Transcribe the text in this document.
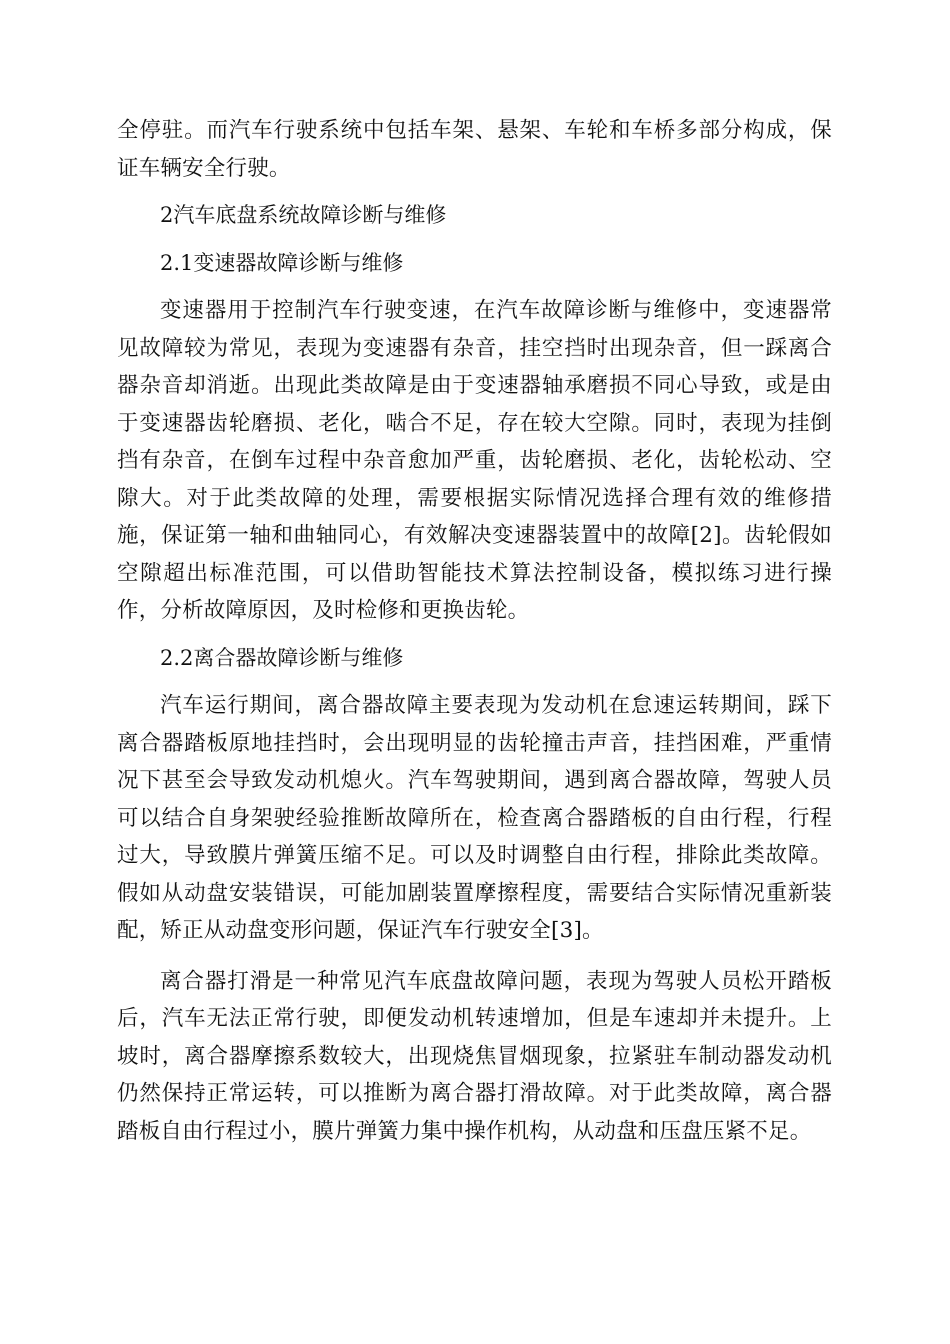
全停驻。而汽车行驶系统中包括车架、悬架、车轮和车桥多部分构成，保证车辆安全行驶。

2汽车底盘系统故障诊断与维修

2.1变速器故障诊断与维修

变速器用于控制汽车行驶变速，在汽车故障诊断与维修中，变速器常见故障较为常见，表现为变速器有杂音，挂空挡时出现杂音，但一踩离合器杂音却消逝。出现此类故障是由于变速器轴承磨损不同心导致，或是由于变速器齿轮磨损、老化，啮合不足，存在较大空隙。同时，表现为挂倒挡有杂音，在倒车过程中杂音愈加严重，齿轮磨损、老化，齿轮松动、空隙大。对于此类故障的处理，需要根据实际情况选择合理有效的维修措施，保证第一轴和曲轴同心，有效解决变速器装置中的故障[2]。齿轮假如空隙超出标准范围，可以借助智能技术算法控制设备，模拟练习进行操作，分析故障原因，及时检修和更换齿轮。

2.2离合器故障诊断与维修

汽车运行期间，离合器故障主要表现为发动机在怠速运转期间，踩下离合器踏板原地挂挡时，会出现明显的齿轮撞击声音，挂挡困难，严重情况下甚至会导致发动机熄火。汽车驾驶期间，遇到离合器故障，驾驶人员可以结合自身架驶经验推断故障所在，检查离合器踏板的自由行程，行程过大，导致膜片弹簧压缩不足。可以及时调整自由行程，排除此类故障。假如从动盘安装错误，可能加剧装置摩擦程度，需要结合实际情况重新装配，矫正从动盘变形问题，保证汽车行驶安全[3]。

离合器打滑是一种常见汽车底盘故障问题，表现为驾驶人员松开踏板后，汽车无法正常行驶，即便发动机转速增加，但是车速却并未提升。上坡时，离合器摩擦系数较大，出现烧焦冒烟现象，拉紧驻车制动器发动机仍然保持正常运转，可以推断为离合器打滑故障。对于此类故障，离合器踏板自由行程过小，膜片弹簧力集中操作机构，从动盘和压盘压紧不足。
